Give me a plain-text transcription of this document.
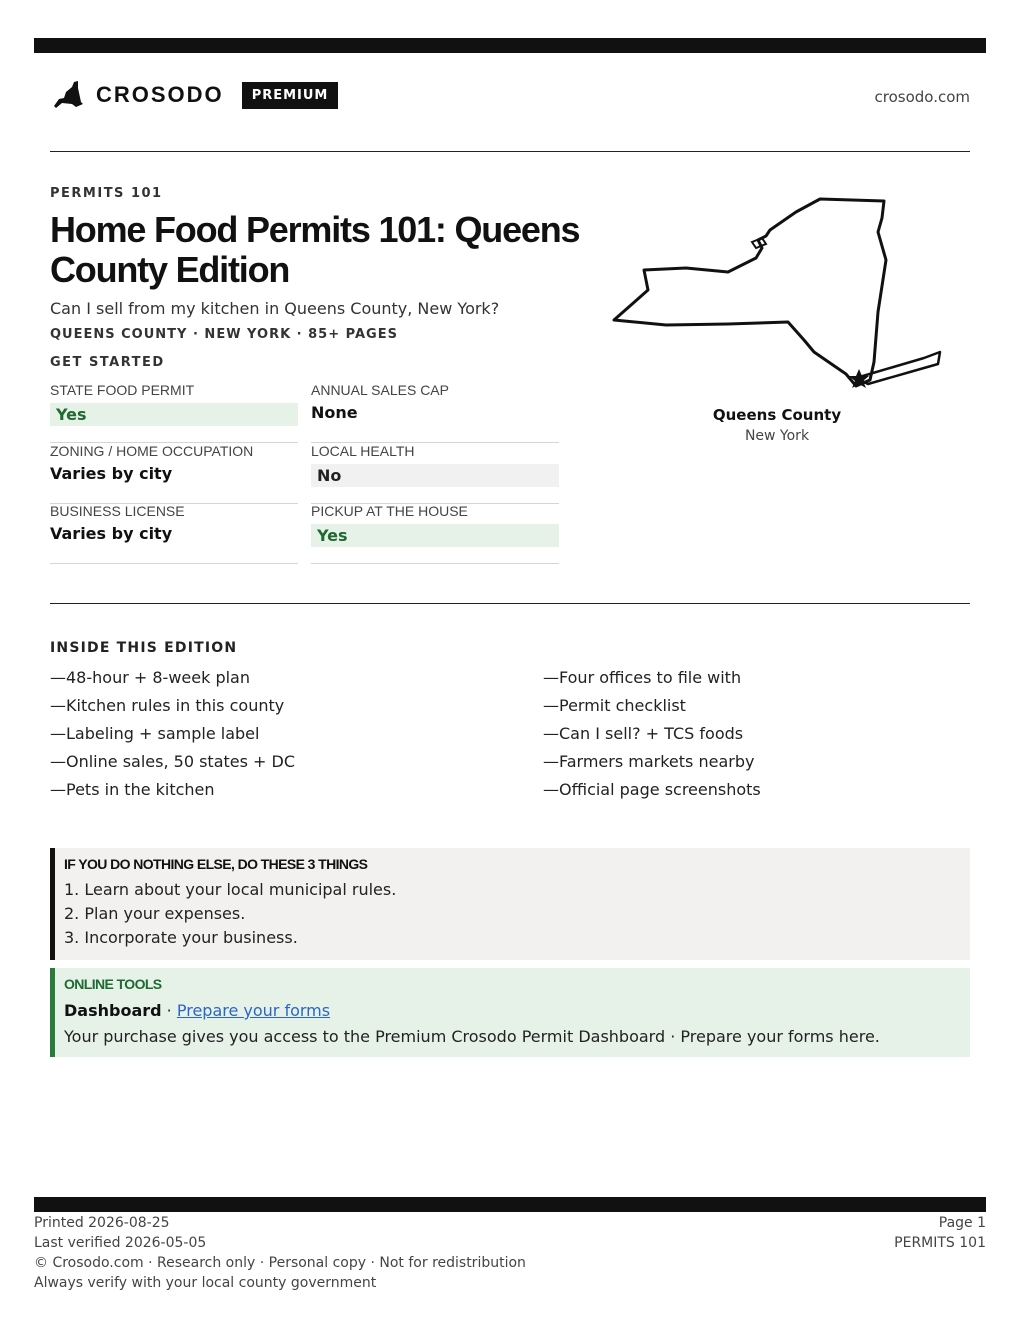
CROSODO	PREMIUM	crosodo.com
PERMITS 101
Home Food Permits 101: Queens County Edition
Can I sell from my kitchen in Queens County, New York?
QUEENS COUNTY · NEW YORK · 85+ PAGES
GET STARTED
STATE FOOD PERMIT
Yes
ANNUAL SALES CAP
None
ZONING / HOME OCCUPATION
Varies by city
LOCAL HEALTH
No
BUSINESS LICENSE
Varies by city
PICKUP AT THE HOUSE
Yes
Queens County
New York
INSIDE THIS EDITION
—48-hour + 8-week plan
—Kitchen rules in this county
—Labeling + sample label
—Online sales, 50 states + DC
—Pets in the kitchen
—Four offices to file with
—Permit checklist
—Can I sell? + TCS foods
—Farmers markets nearby
—Official page screenshots
IF YOU DO NOTHING ELSE, DO THESE 3 THINGS
1. Learn about your local municipal rules.
2. Plan your expenses.
3. Incorporate your business.
ONLINE TOOLS
Dashboard · Prepare your forms
Your purchase gives you access to the Premium Crosodo Permit Dashboard · Prepare your forms here.
Printed 2026-08-25
Last verified 2026-05-05
© Crosodo.com · Research only · Personal copy · Not for redistribution
Always verify with your local county government
Page 1
PERMITS 101
